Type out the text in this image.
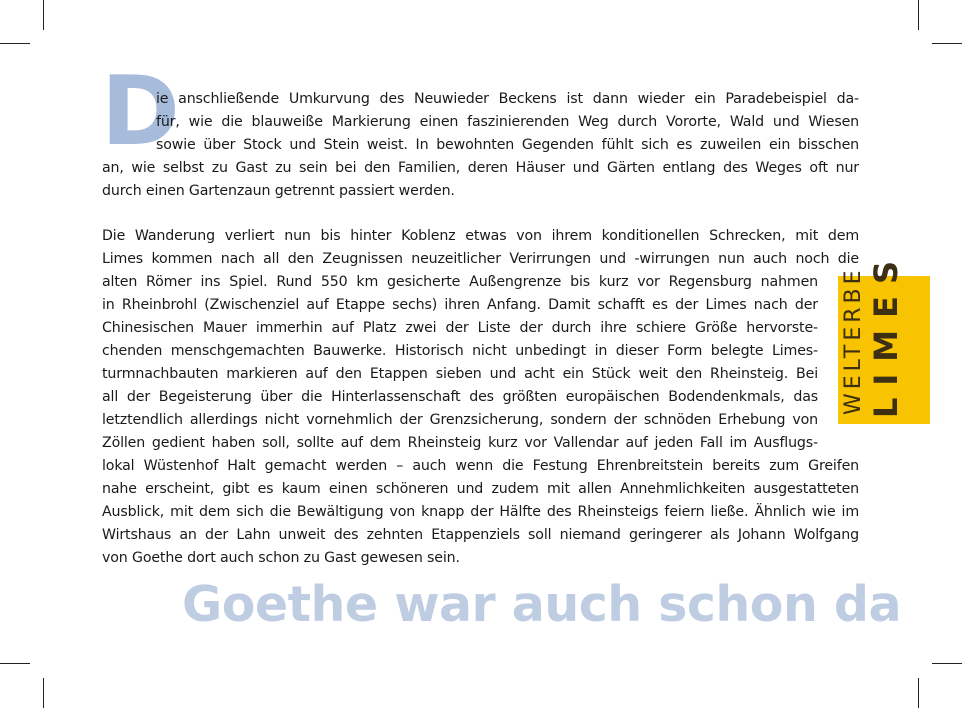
D
ie anschließende Umkurvung des Neuwieder Beckens ist dann wieder ein Paradebeispiel da-
für, wie die blauweiße Markierung einen faszinierenden Weg durch Vororte, Wald und Wiesen
sowie über Stock und Stein weist. In bewohnten Gegenden fühlt sich es zuweilen ein bisschen
an, wie selbst zu Gast zu sein bei den Familien, deren Häuser und Gärten entlang des Weges oft nur
durch einen Gartenzaun getrennt passiert werden.
Die Wanderung verliert nun bis hinter Koblenz etwas von ihrem konditionellen Schrecken, mit dem
Limes kommen nach all den Zeugnissen neuzeitlicher Verirrungen und -wirrungen nun auch noch die
alten Römer ins Spiel. Rund 550 km gesicherte Außengrenze bis kurz vor Regensburg nahmen
in Rheinbrohl (Zwischenziel auf Etappe sechs) ihren Anfang. Damit schafft es der Limes nach der
Chinesischen Mauer immerhin auf Platz zwei der Liste der durch ihre schiere Größe hervorste-
chenden menschgemachten Bauwerke. Historisch nicht unbedingt in dieser Form belegte Limes-
turmnachbauten markieren auf den Etappen sieben und acht ein Stück weit den Rheinsteig. Bei
all der Begeisterung über die Hinterlassenschaft des größten europäischen Bodendenkmals, das
letztendlich allerdings nicht vornehmlich der Grenzsicherung, sondern der schnöden Erhebung von
Zöllen gedient haben soll, sollte auf dem Rheinsteig kurz vor Vallendar auf jeden Fall im Ausflugs-
lokal Wüstenhof Halt gemacht werden – auch wenn die Festung Ehrenbreitstein bereits zum Greifen
nahe erscheint, gibt es kaum einen schöneren und zudem mit allen Annehmlichkeiten ausgestatteten
Ausblick, mit dem sich die Bewältigung von knapp der Hälfte des Rheinsteigs feiern ließe. Ähnlich wie im
Wirtshaus an der Lahn unweit des zehnten Etappenziels soll niemand geringerer als Johann Wolfgang
von Goethe dort auch schon zu Gast gewesen sein.
WELTERBE LIMES
Goethe war auch schon da
